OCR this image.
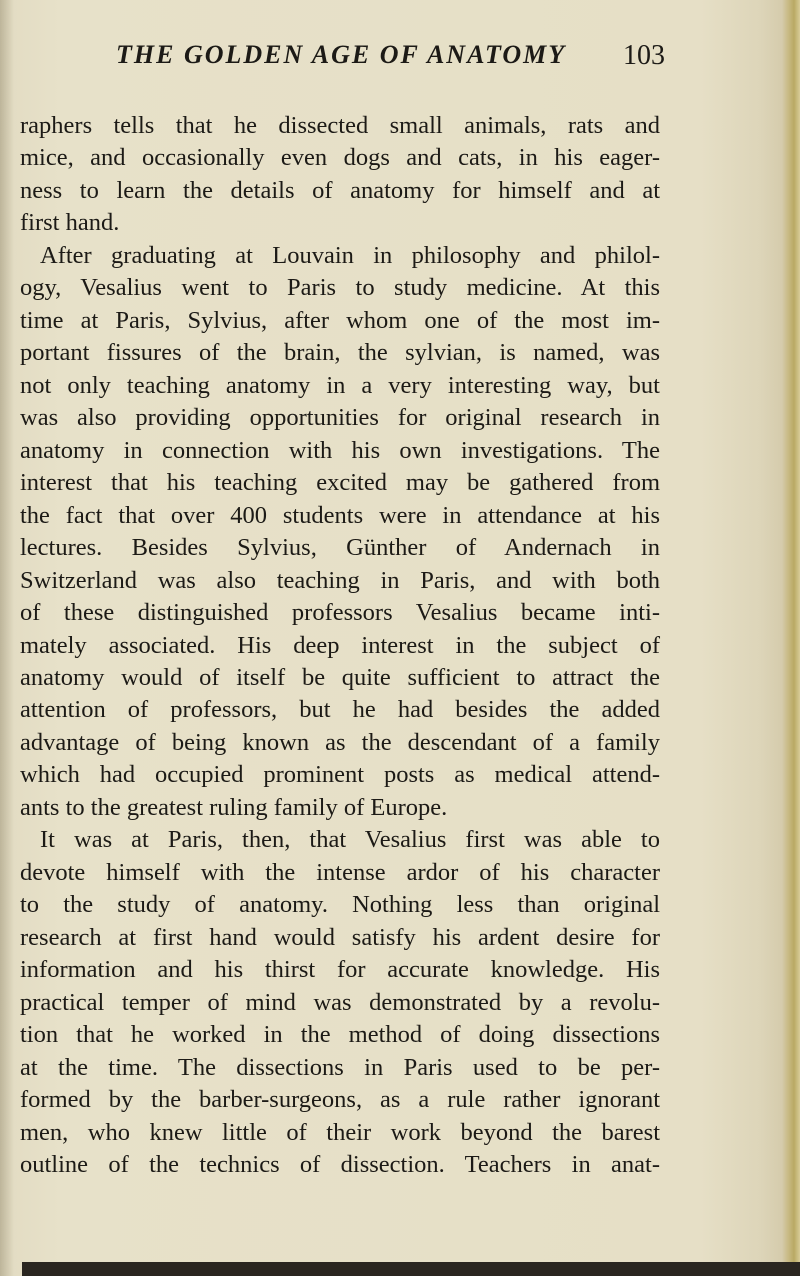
THE GOLDEN AGE OF ANATOMY 103
raphers tells that he dissected small animals, rats and
mice, and occasionally even dogs and cats, in his eager-
ness to learn the details of anatomy for himself and at
first hand.
After graduating at Louvain in philosophy and philol-
ogy, Vesalius went to Paris to study medicine. At this
time at Paris, Sylvius, after whom one of the most im-
portant fissures of the brain, the sylvian, is named, was
not only teaching anatomy in a very interesting way, but
was also providing opportunities for original research in
anatomy in connection with his own investigations. The
interest that his teaching excited may be gathered from
the fact that over 400 students were in attendance at his
lectures. Besides Sylvius, Günther of Andernach in
Switzerland was also teaching in Paris, and with both
of these distinguished professors Vesalius became inti-
mately associated. His deep interest in the subject of
anatomy would of itself be quite sufficient to attract the
attention of professors, but he had besides the added
advantage of being known as the descendant of a family
which had occupied prominent posts as medical attend-
ants to the greatest ruling family of Europe.
It was at Paris, then, that Vesalius first was able to
devote himself with the intense ardor of his character
to the study of anatomy. Nothing less than original
research at first hand would satisfy his ardent desire for
information and his thirst for accurate knowledge. His
practical temper of mind was demonstrated by a revolu-
tion that he worked in the method of doing dissections
at the time. The dissections in Paris used to be per-
formed by the barber-surgeons, as a rule rather ignorant
men, who knew little of their work beyond the barest
outline of the technics of dissection. Teachers in anat-
